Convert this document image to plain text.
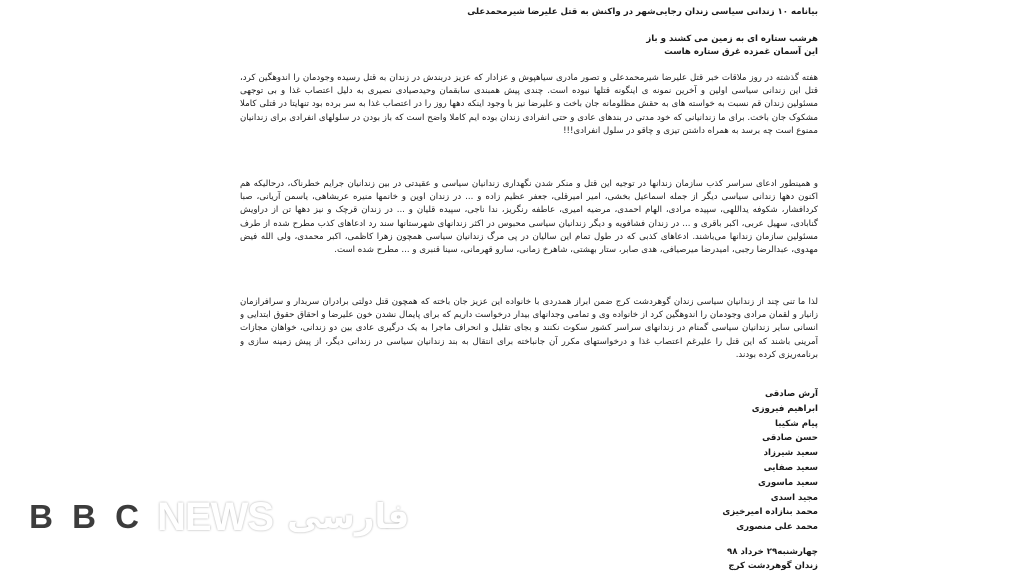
بیانامه ۱۰ زندانی سیاسی زندان رجایی‌شهر در واکنش به قتل علیرضا شیرمحمدعلی

هرشب ستاره ای به زمین می کشند و باز

این آسمان غمزده غرق ستاره هاست

هفته گذشته در روز ملاقات خبر قتل علیرضا شیرمحمدعلی و تصور مادری سیاهپوش و عزادار که عزیز دربندش در زندان به قتل رسیده وجودمان را اندوهگین کرد، قتل این زندانی سیاسی اولین و آخرین نمونه ی اینگونه قتلها نبوده است. چندی پیش همبندی سابقمان وحیدصیادی نصیری به دلیل اعتصاب غذا و بی توجهی مسئولین زندان قم نسبت به خواسته های به حقش مظلومانه جان باخت و علیرضا نیز با وجود اینکه دهها روز را در اعتصاب غذا به سر برده بود تنهایتا در قتلی کاملا مشکوک جان باخت. برای ما زندانیانی که خود مدتی در بندهای عادی و حتی انفرادی زندان بوده ایم کاملا واضح است که باز بودن در سلولهای انفرادی برای زندانیان ممنوع است چه برسد به همراه داشتن تیزی و چاقو در سلول انفرادی!!!

و همینطور ادعای سراسر کذب سازمان زندانها در توجیه این قتل و منکر شدن نگهداری زندانیان سیاسی و عقیدتی در بین زندانیان جرایم خطرناک، درحالیکه هم اکنون دهها زندانی سیاسی دیگر از جمله اسماعیل بخشی، امیر امیرقلی، جعفر عظیم زاده و ... در زندان اوین و خانمها منیره عربشاهی، یاسمن آریانی، صبا کردافشار، شکوفه یداللهی، سپیده مرادی، الهام احمدی، مرضیه امیری، عاطفه رنگریز، ندا ناجی، سپیده قلیان و ... در زندان قرچک و نیز دهها تن از دراویش گنابادی، سهیل عربی، اکبر باقری و ... در زندان فشافویه و دیگر زندانیان سیاسی محبوس در اکثر زندانهای شهرستانها سند رد ادعاهای کذب مطرح شده از طرف مسئولین سازمان زندانها می‌باشند. ادعاهای کذبی که در طول تمام این سالیان در پی مرگ زندانیان سیاسی همچون زهرا کاظمی، اکبر محمدی، ولی الله فیض مهدوی، عبدالرضا رجبی، امیدرضا میرصیافی، هدی صابر، ستار بهشتی، شاهرخ زمانی، سارو قهرمانی، سینا قنبری و ... مطرح شده است.

لذا ما تنی چند از زندانیان سیاسی زندان گوهردشت کرج ضمن ابراز همدردی با خانواده این عزیز جان باخته که همچون قتل دولتی برادران سربدار و سرافرازمان زانیار و لقمان مرادی وجودمان را اندوهگین کرد از خانواده وی و تمامی وجدانهای بیدار درخواست داریم که برای پایمال نشدن خون علیرضا و احقاق حقوق ابتدایی و انسانی سایر زندانیان سیاسی گمنام در زندانهای سراسر کشور سکوت نکنند و بجای تقلیل و انحراف ماجرا به یک درگیری عادی بین دو زندانی، خواهان مجازات آمرینی باشند که این قتل را علیرغم اعتصاب غذا و درخواستهای مکرر آن جانباخته برای انتقال به بند زندانیان سیاسی در زندانی دیگر، از پیش زمینه سازی و برنامه‌ریزی کرده بودند.

آرش صادقی
ابراهیم فیروزی
پیام شکیبا
حسن صادقی
سعید شیرزاد
سعید صفایی
سعید ماسوری
مجید اسدی
محمد بنازاده امیرخیزی
محمد علی منصوری

چهارشنبه۲۹ خرداد ۹۸

زندان گوهردشت کرج

B B C NEWS فارسی
